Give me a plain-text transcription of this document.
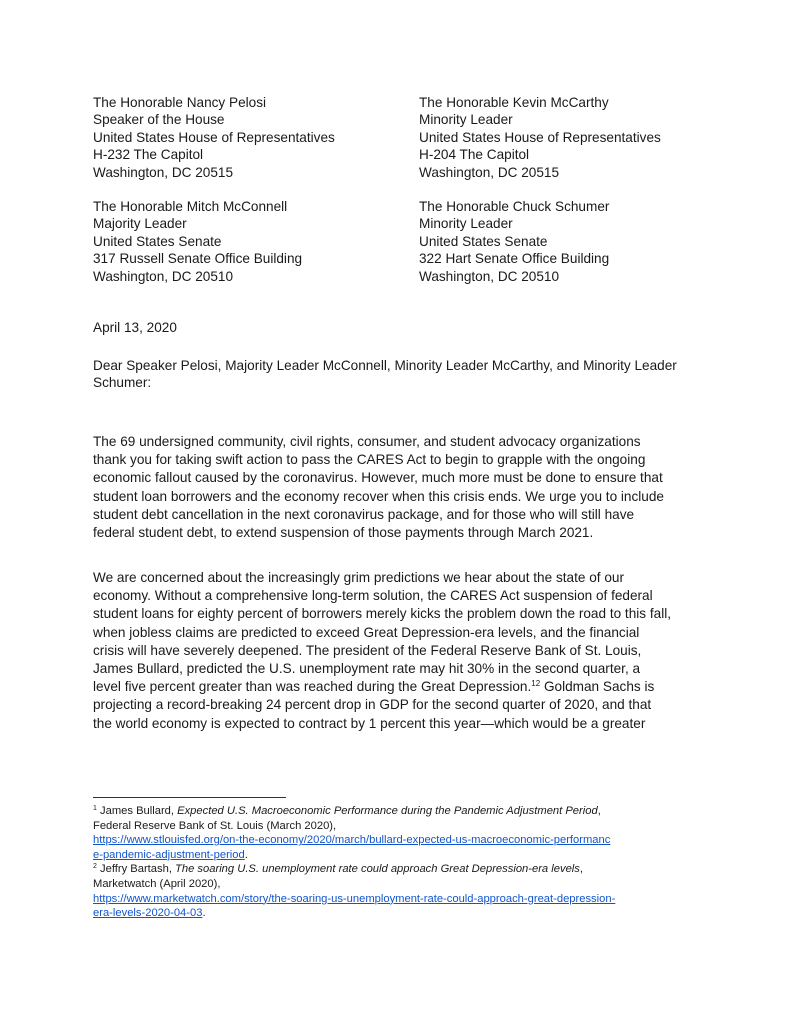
The Honorable Nancy Pelosi
Speaker of the House
United States House of Representatives
H-232 The Capitol
Washington, DC 20515
The Honorable Kevin McCarthy
Minority Leader
United States House of Representatives
H-204 The Capitol
Washington, DC 20515
The Honorable Mitch McConnell
Majority Leader
United States Senate
317 Russell Senate Office Building
Washington, DC 20510
The Honorable Chuck Schumer
Minority Leader
United States Senate
322 Hart Senate Office Building
Washington, DC 20510
April 13, 2020
Dear Speaker Pelosi, Majority Leader McConnell, Minority Leader McCarthy, and Minority Leader Schumer:
The 69 undersigned community, civil rights, consumer, and student advocacy organizations
thank you for taking swift action to pass the CARES Act to begin to grapple with the ongoing
economic fallout caused by the coronavirus. However, much more must be done to ensure that
student loan borrowers and the economy recover when this crisis ends. We urge you to include
student debt cancellation in the next coronavirus package, and for those who will still have
federal student debt, to extend suspension of those payments through March 2021.
We are concerned about the increasingly grim predictions we hear about the state of our
economy. Without a comprehensive long-term solution, the CARES Act suspension of federal
student loans for eighty percent of borrowers merely kicks the problem down the road to this fall,
when jobless claims are predicted to exceed Great Depression-era levels, and the financial
crisis will have severely deepened. The president of the Federal Reserve Bank of St. Louis,
James Bullard, predicted the U.S. unemployment rate may hit 30% in the second quarter, a
level five percent greater than was reached during the Great Depression.$^{12}$ Goldman Sachs is
projecting a record-breaking 24 percent drop in GDP for the second quarter of 2020, and that
the world economy is expected to contract by 1 percent this year—which would be a greater
$^1$ James Bullard, Expected U.S. Macroeconomic Performance during the Pandemic Adjustment Period,
Federal Reserve Bank of St. Louis (March 2020),
https://www.stlouisfed.org/on-the-economy/2020/march/bullard-expected-us-macroeconomic-performanc
e-pandemic-adjustment-period.
$^2$ Jeffry Bartash, The soaring U.S. unemployment rate could approach Great Depression-era levels,
Marketwatch (April 2020),
https://www.marketwatch.com/story/the-soaring-us-unemployment-rate-could-approach-great-depression-
era-levels-2020-04-03.
